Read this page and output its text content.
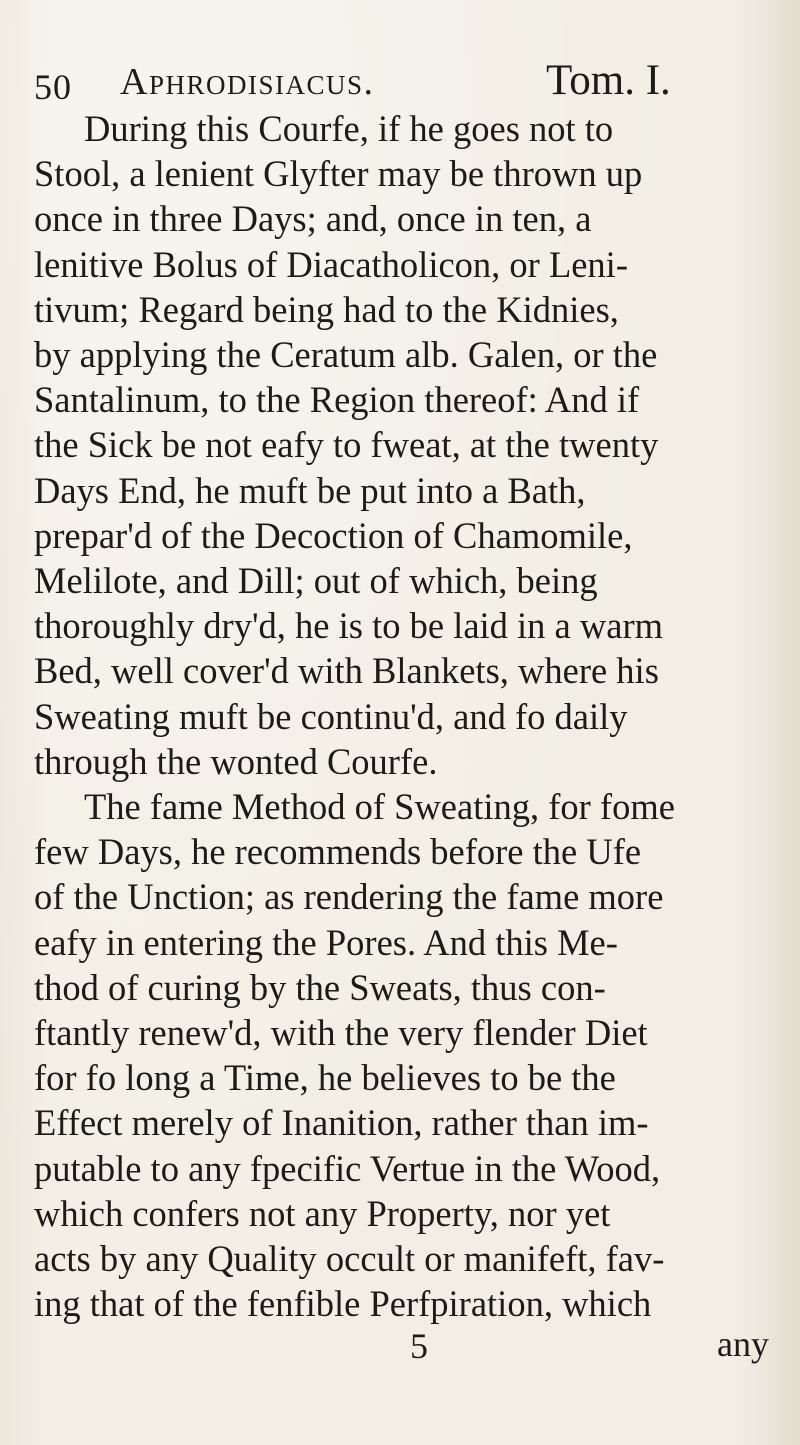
50 Aphrodisiacus.	Tom. I.
During this Courfe, if he goes not to
Stool, a lenient Glyfter may be thrown up
once in three Days; and, once in ten, a
lenitive Bolus of Diacatholicon, or Leni-
tivum; Regard being had to the Kidnies,
by applying the Ceratum alb. Galen, or the
Santalinum, to the Region thereof: And if
the Sick be not eafy to fweat, at the twenty
Days End, he muft be put into a Bath,
prepar'd of the Decoction of Chamomile,
Melilote, and Dill; out of which, being
thoroughly dry'd, he is to be laid in a warm
Bed, well cover'd with Blankets, where his
Sweating muft be continu'd, and fo daily
through the wonted Courfe.
The fame Method of Sweating, for fome
few Days, he recommends before the Ufe
of the Unction; as rendering the fame more
eafy in entering the Pores. And this Me-
thod of curing by the Sweats, thus con-
ftantly renew'd, with the very flender Diet
for fo long a Time, he believes to be the
Effect merely of Inanition, rather than im-
putable to any fpecific Vertue in the Wood,
which confers not any Property, nor yet
acts by any Quality occult or manifeft, fav-
ing that of the fenfible Perfpiration, which
5	any
